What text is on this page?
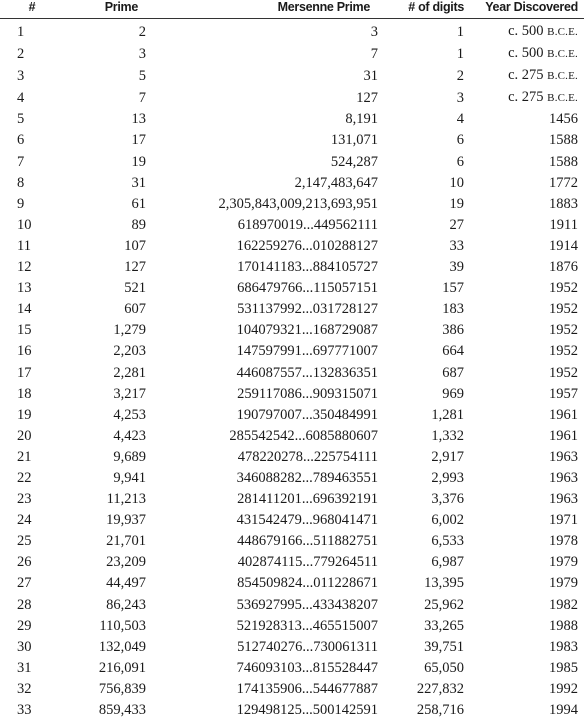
#	Prime	Mersenne Prime	# of digits	Year Discovered
1	2	3	1	c. 500 B.C.E.
2	3	7	1	c. 500 B.C.E.
3	5	31	2	c. 275 B.C.E.
4	7	127	3	c. 275 B.C.E.
5	13	8,191	4	1456
6	17	131,071	6	1588
7	19	524,287	6	1588
8	31	2,147,483,647	10	1772
9	61	2,305,843,009,213,693,951	19	1883
10	89	618970019...449562111	27	1911
11	107	162259276...010288127	33	1914
12	127	170141183...884105727	39	1876
13	521	686479766...115057151	157	1952
14	607	531137992...031728127	183	1952
15	1,279	104079321...168729087	386	1952
16	2,203	147597991...697771007	664	1952
17	2,281	446087557...132836351	687	1952
18	3,217	259117086...909315071	969	1957
19	4,253	190797007...350484991	1,281	1961
20	4,423	285542542...6085880607	1,332	1961
21	9,689	478220278...225754111	2,917	1963
22	9,941	346088282...789463551	2,993	1963
23	11,213	281411201...696392191	3,376	1963
24	19,937	431542479...968041471	6,002	1971
25	21,701	448679166...511882751	6,533	1978
26	23,209	402874115...779264511	6,987	1979
27	44,497	854509824...011228671	13,395	1979
28	86,243	536927995...433438207	25,962	1982
29	110,503	521928313...465515007	33,265	1988
30	132,049	512740276...730061311	39,751	1983
31	216,091	746093103...815528447	65,050	1985
32	756,839	174135906...544677887	227,832	1992
33	859,433	129498125...500142591	258,716	1994
